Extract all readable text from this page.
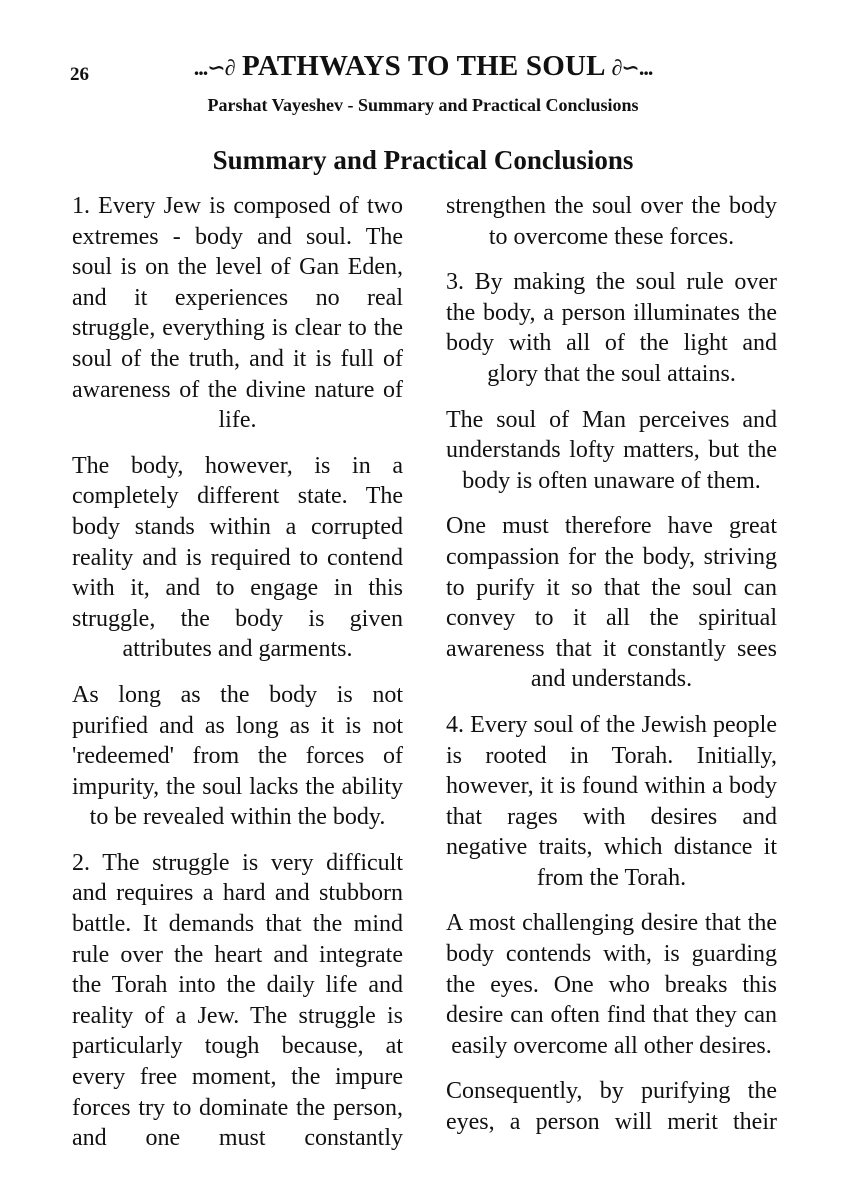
26	...∽∂ PATHWAYS TO THE SOUL ∂∽...
Parshat Vayeshev - Summary and Practical Conclusions
Summary and Practical Conclusions

1. Every Jew is composed of two extremes - body and soul. The soul is on the level of Gan Eden, and it experiences no real struggle, everything is clear to the soul of the truth, and it is full of awareness of the divine nature of life.

The body, however, is in a completely different state. The body stands within a corrupted reality and is required to contend with it, and to engage in this struggle, the body is given attributes and garments.

As long as the body is not purified and as long as it is not 'redeemed' from the forces of impurity, the soul lacks the ability to be revealed within the body.

2. The struggle is very difficult and requires a hard and stubborn battle. It demands that the mind rule over the heart and integrate the Torah into the daily life and reality of a Jew. The struggle is particularly tough because, at every free moment, the impure forces try to dominate the person, and one must constantly

strengthen the soul over the body to overcome these forces.

3. By making the soul rule over the body, a person illuminates the body with all of the light and glory that the soul attains.

The soul of Man perceives and understands lofty matters, but the body is often unaware of them.

One must therefore have great compassion for the body, striving to purify it so that the soul can convey to it all the spiritual awareness that it constantly sees and understands.

4. Every soul of the Jewish people is rooted in Torah. Initially, however, it is found within a body that rages with desires and negative traits, which distance it from the Torah.

A most challenging desire that the body contends with, is guarding the eyes. One who breaks this desire can often find that they can easily overcome all other desires.

Consequently, by purifying the eyes, a person will merit their
